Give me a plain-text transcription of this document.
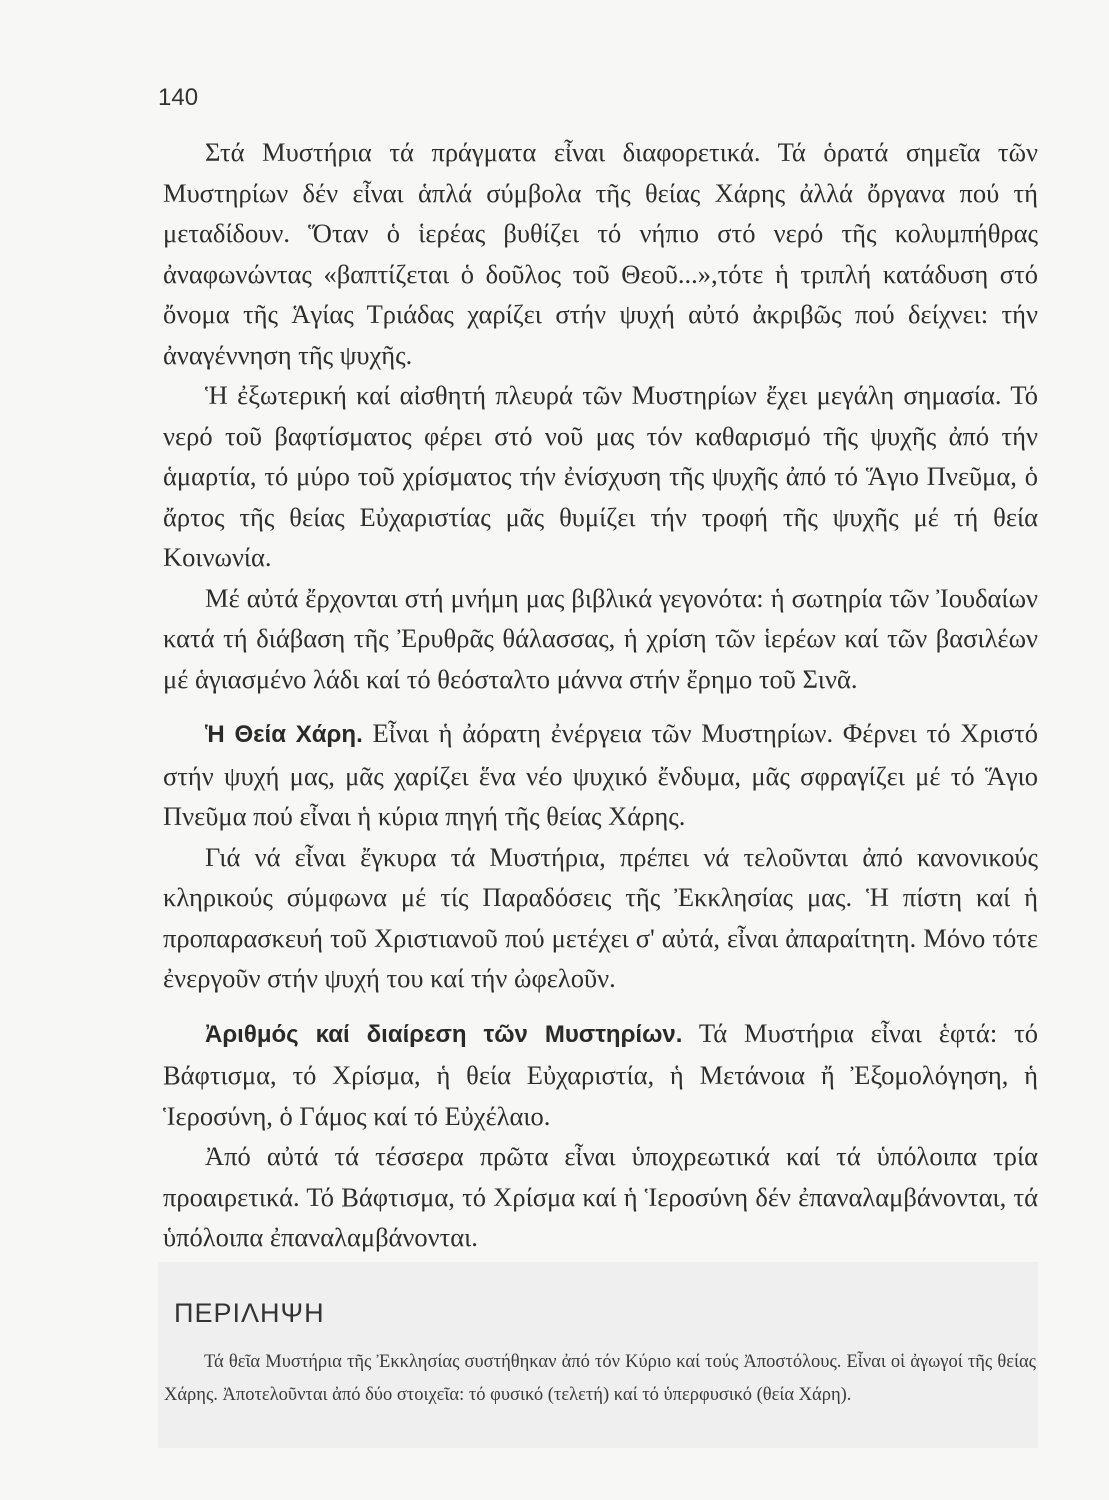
140

Στά Μυστήρια τά πράγματα εἶναι διαφορετικά. Τά ὁρατά σημεῖα τῶν Μυστηρίων δέν εἶναι ἁπλά σύμβολα τῆς θείας Χάρης ἀλλά ὄργανα πού τή μεταδίδουν. Ὅταν ὁ ἱερέας βυθίζει τό νήπιο στό νερό τῆς κολυμπήθρας ἀναφωνώντας «βαπτίζεται ὁ δοῦλος τοῦ Θεοῦ...»,τότε ἡ τριπλή κατάδυση στό ὄνομα τῆς Ἁγίας Τριάδας χαρίζει στήν ψυχή αὐτό ἀκριβῶς πού δείχνει: τήν ἀναγέννηση τῆς ψυχῆς.

Ἡ ἐξωτερική καί αἰσθητή πλευρά τῶν Μυστηρίων ἔχει μεγάλη σημασία. Τό νερό τοῦ βαφτίσματος φέρει στό νοῦ μας τόν καθαρισμό τῆς ψυχῆς ἀπό τήν ἁμαρτία, τό μύρο τοῦ χρίσματος τήν ἐνίσχυση τῆς ψυχῆς ἀπό τό Ἅγιο Πνεῦμα, ὁ ἄρτος τῆς θείας Εὐχαριστίας μᾶς θυμίζει τήν τροφή τῆς ψυχῆς μέ τή θεία Κοινωνία.

Μέ αὐτά ἔρχονται στή μνήμη μας βιβλικά γεγονότα: ἡ σωτηρία τῶν Ἰουδαίων κατά τή διάβαση τῆς Ἐρυθρᾶς θάλασσας, ἡ χρίση τῶν ἱερέων καί τῶν βασιλέων μέ ἁγιασμένο λάδι καί τό θεόσταλτο μάννα στήν ἔρημο τοῦ Σινᾶ.

Ἡ Θεία Χάρη. Εἶναι ἡ ἀόρατη ἐνέργεια τῶν Μυστηρίων. Φέρνει τό Χριστό στήν ψυχή μας, μᾶς χαρίζει ἕνα νέο ψυχικό ἔνδυμα, μᾶς σφραγίζει μέ τό Ἅγιο Πνεῦμα πού εἶναι ἡ κύρια πηγή τῆς θείας Χάρης.

Γιά νά εἶναι ἔγκυρα τά Μυστήρια, πρέπει νά τελοῦνται ἀπό κανονικούς κληρικούς σύμφωνα μέ τίς Παραδόσεις τῆς Ἐκκλησίας μας. Ἡ πίστη καί ἡ προπαρασκευή τοῦ Χριστιανοῦ πού μετέχει σ' αὐτά, εἶναι ἀπαραίτητη. Μόνο τότε ἐνεργοῦν στήν ψυχή του καί τήν ὠφελοῦν.

Ἀριθμός καί διαίρεση τῶν Μυστηρίων. Τά Μυστήρια εἶναι ἑφτά: τό Βάφτισμα, τό Χρίσμα, ἡ θεία Εὐχαριστία, ἡ Μετάνοια ἤ Ἐξομολόγηση, ἡ Ἱεροσύνη, ὁ Γάμος καί τό Εὐχέλαιο.

Ἀπό αὐτά τά τέσσερα πρῶτα εἶναι ὑποχρεωτικά καί τά ὑπόλοιπα τρία προαιρετικά. Τό Βάφτισμα, τό Χρίσμα καί ἡ Ἱεροσύνη δέν ἐπαναλαμβάνονται, τά ὑπόλοιπα ἐπαναλαμβάνονται.

ΠΕΡΙΛΗΨΗ

Τά θεῖα Μυστήρια τῆς Ἐκκλησίας συστήθηκαν ἀπό τόν Κύριο καί τούς Ἀποστόλους. Εἶναι οἱ ἀγωγοί τῆς θείας Χάρης. Ἀποτελοῦνται ἀπό δύο στοιχεῖα: τό φυσικό (τελετή) καί τό ὑπερφυσικό (θεία Χάρη).
